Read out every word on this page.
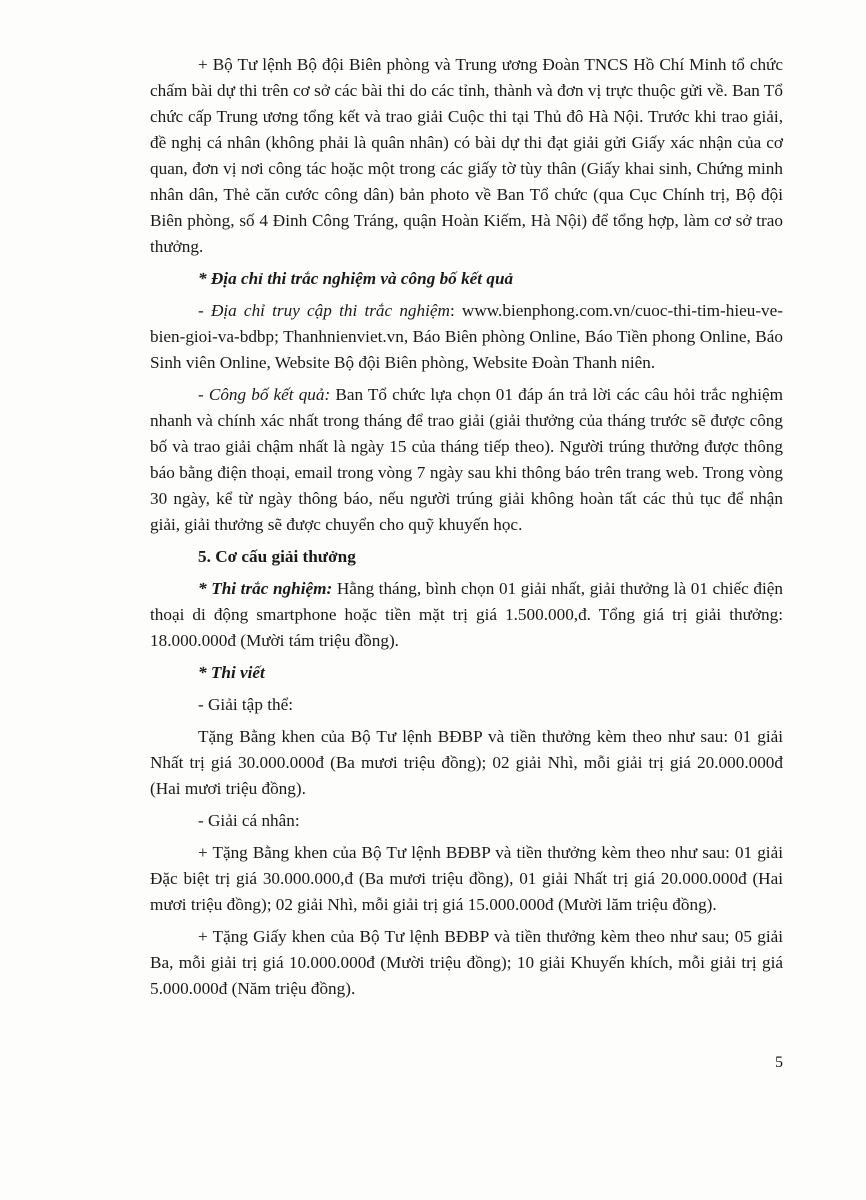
+ Bộ Tư lệnh Bộ đội Biên phòng và Trung ương Đoàn TNCS Hồ Chí Minh tổ chức chấm bài dự thi trên cơ sở các bài thi do các tỉnh, thành và đơn vị trực thuộc gửi về. Ban Tổ chức cấp Trung ương tổng kết và trao giải Cuộc thi tại Thủ đô Hà Nội. Trước khi trao giải, đề nghị cá nhân (không phải là quân nhân) có bài dự thi đạt giải gửi Giấy xác nhận của cơ quan, đơn vị nơi công tác hoặc một trong các giấy tờ tùy thân (Giấy khai sinh, Chứng minh nhân dân, Thẻ căn cước công dân) bản photo về Ban Tổ chức (qua Cục Chính trị, Bộ đội Biên phòng, số 4 Đinh Công Tráng, quận Hoàn Kiếm, Hà Nội) để tổng hợp, làm cơ sở trao thưởng.

* Địa chỉ thi trắc nghiệm và công bố kết quả

- Địa chỉ truy cập thi trắc nghiệm: www.bienphong.com.vn/cuoc-thi-tim-hieu-ve-bien-gioi-va-bdbp; Thanhnienviet.vn, Báo Biên phòng Online, Báo Tiền phong Online, Báo Sinh viên Online, Website Bộ đội Biên phòng, Website Đoàn Thanh niên.

- Công bố kết quả: Ban Tổ chức lựa chọn 01 đáp án trả lời các câu hỏi trắc nghiệm nhanh và chính xác nhất trong tháng để trao giải (giải thưởng của tháng trước sẽ được công bố và trao giải chậm nhất là ngày 15 của tháng tiếp theo). Người trúng thưởng được thông báo bằng điện thoại, email trong vòng 7 ngày sau khi thông báo trên trang web. Trong vòng 30 ngày, kể từ ngày thông báo, nếu người trúng giải không hoàn tất các thủ tục để nhận giải, giải thưởng sẽ được chuyển cho quỹ khuyến học.

5. Cơ cấu giải thưởng

* Thi trắc nghiệm: Hằng tháng, bình chọn 01 giải nhất, giải thưởng là 01 chiếc điện thoại di động smartphone hoặc tiền mặt trị giá 1.500.000,đ. Tổng giá trị giải thưởng: 18.000.000đ (Mười tám triệu đồng).

* Thi viết

- Giải tập thể:

Tặng Bằng khen của Bộ Tư lệnh BĐBP và tiền thưởng kèm theo như sau: 01 giải Nhất trị giá 30.000.000đ (Ba mươi triệu đồng); 02 giải Nhì, mỗi giải trị giá 20.000.000đ (Hai mươi triệu đồng).

- Giải cá nhân:

+ Tặng Bằng khen của Bộ Tư lệnh BĐBP và tiền thưởng kèm theo như sau: 01 giải Đặc biệt trị giá 30.000.000,đ (Ba mươi triệu đồng), 01 giải Nhất trị giá 20.000.000đ (Hai mươi triệu đồng); 02 giải Nhì, mỗi giải trị giá 15.000.000đ (Mười lăm triệu đồng).

+ Tặng Giấy khen của Bộ Tư lệnh BĐBP và tiền thưởng kèm theo như sau; 05 giải Ba, mỗi giải trị giá 10.000.000đ (Mười triệu đồng); 10 giải Khuyến khích, mỗi giải trị giá 5.000.000đ (Năm triệu đồng).

5
